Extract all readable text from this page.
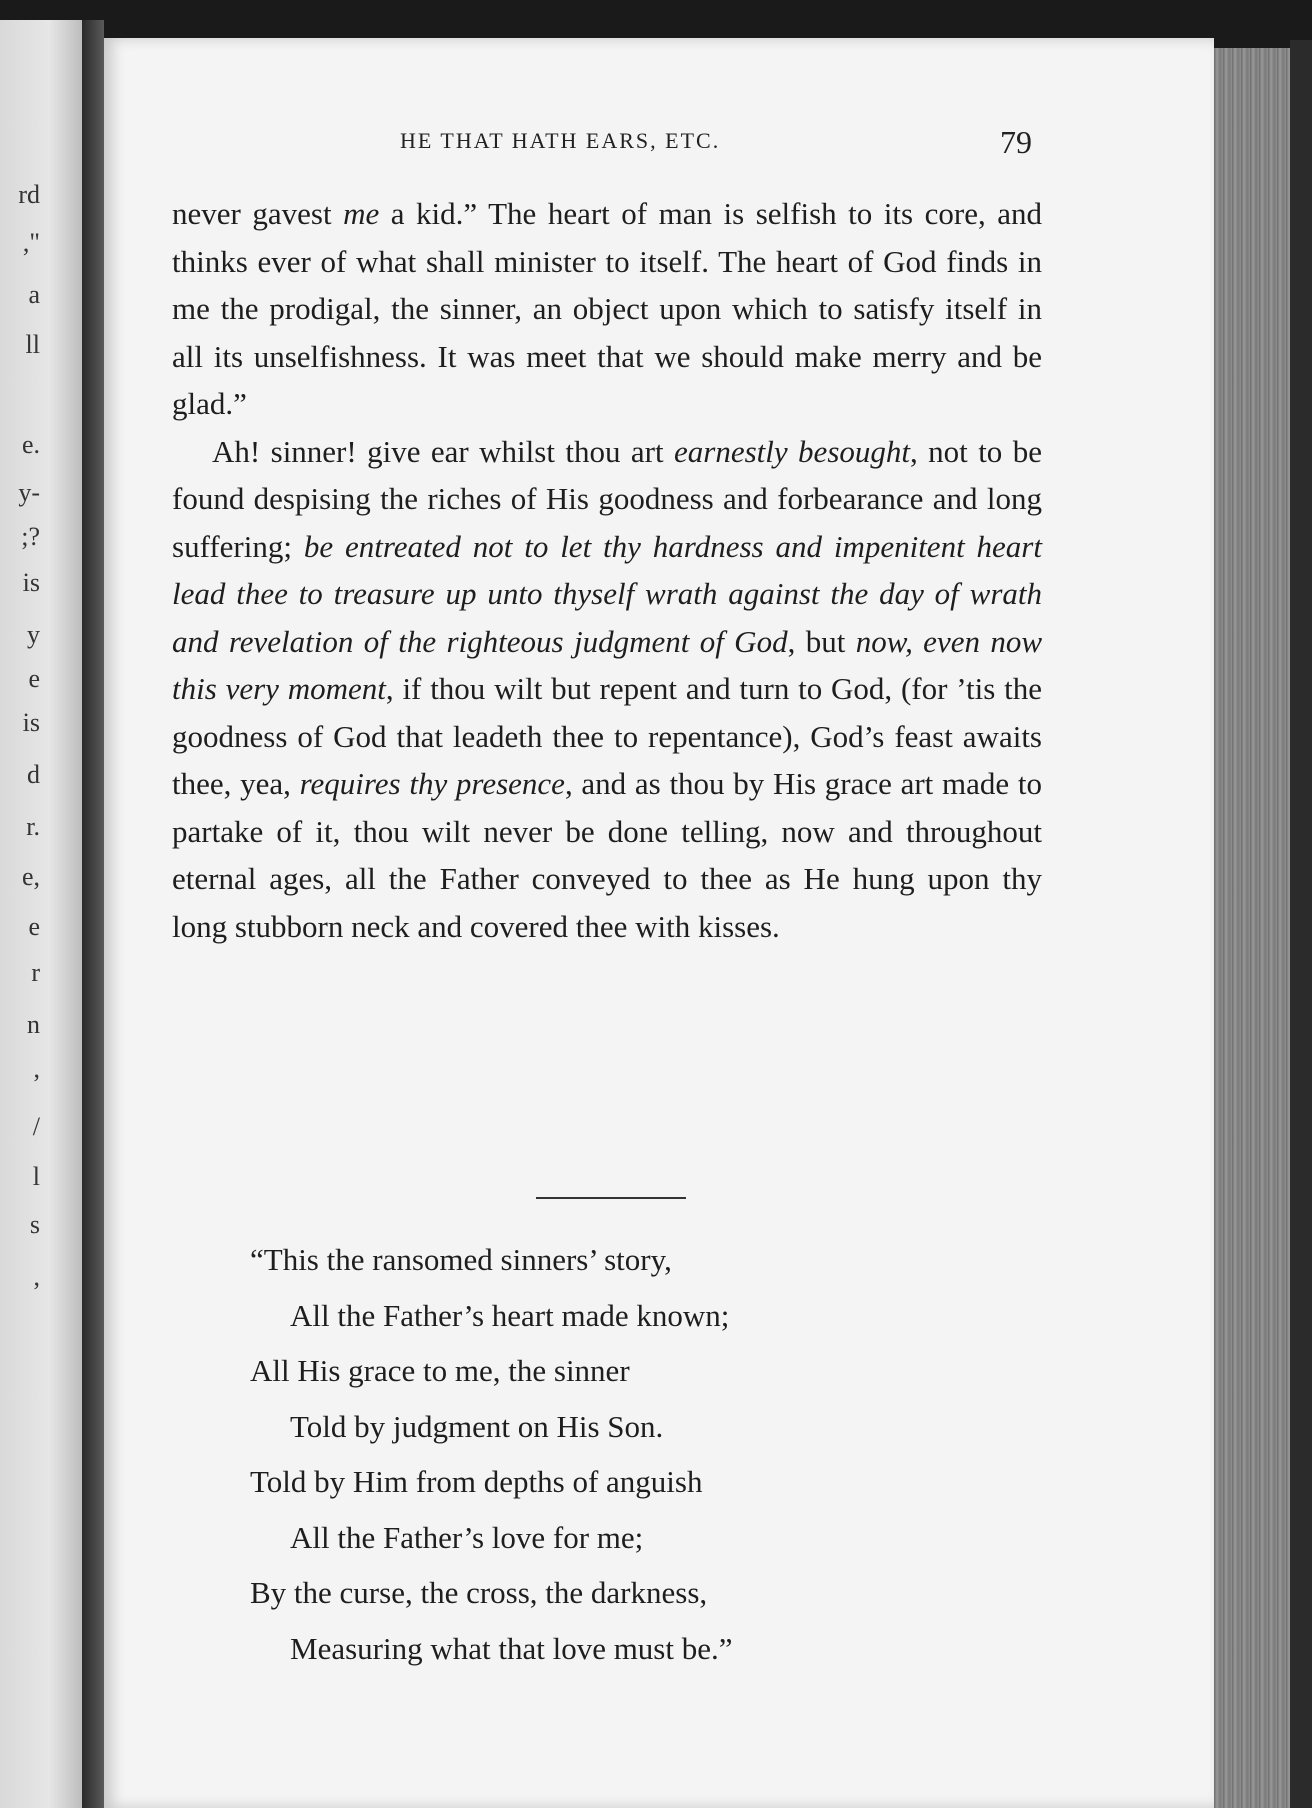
rd
,"
a
ll
e.
y-
;?
is
y
e
is
d
r.
e,
e
r
n
,
/
l
s
,
HE THAT HATH EARS, ETC.	79

never gavest me a kid.” The heart of man is selfish to its core, and thinks ever of what shall minister to itself. The heart of God finds in me the prodigal, the sinner, an object upon which to satisfy itself in all its unselfishness. It was meet that we should make merry and be glad.”

Ah! sinner! give ear whilst thou art earnestly besought, not to be found despising the riches of His goodness and forbearance and long suffering; be entreated not to let thy hardness and impenitent heart lead thee to treasure up unto thyself wrath against the day of wrath and revelation of the righteous judgment of God, but now, even now this very moment, if thou wilt but repent and turn to God, (for ’tis the goodness of God that leadeth thee to repentance), God’s feast awaits thee, yea, requires thy presence, and as thou by His grace art made to partake of it, thou wilt never be done telling, now and throughout eternal ages, all the Father conveyed to thee as He hung upon thy long stubborn neck and covered thee with kisses.

“This the ransomed sinners’ story,
All the Father’s heart made known;
All His grace to me, the sinner
Told by judgment on His Son.
Told by Him from depths of anguish
All the Father’s love for me;
By the curse, the cross, the darkness,
Measuring what that love must be.”
